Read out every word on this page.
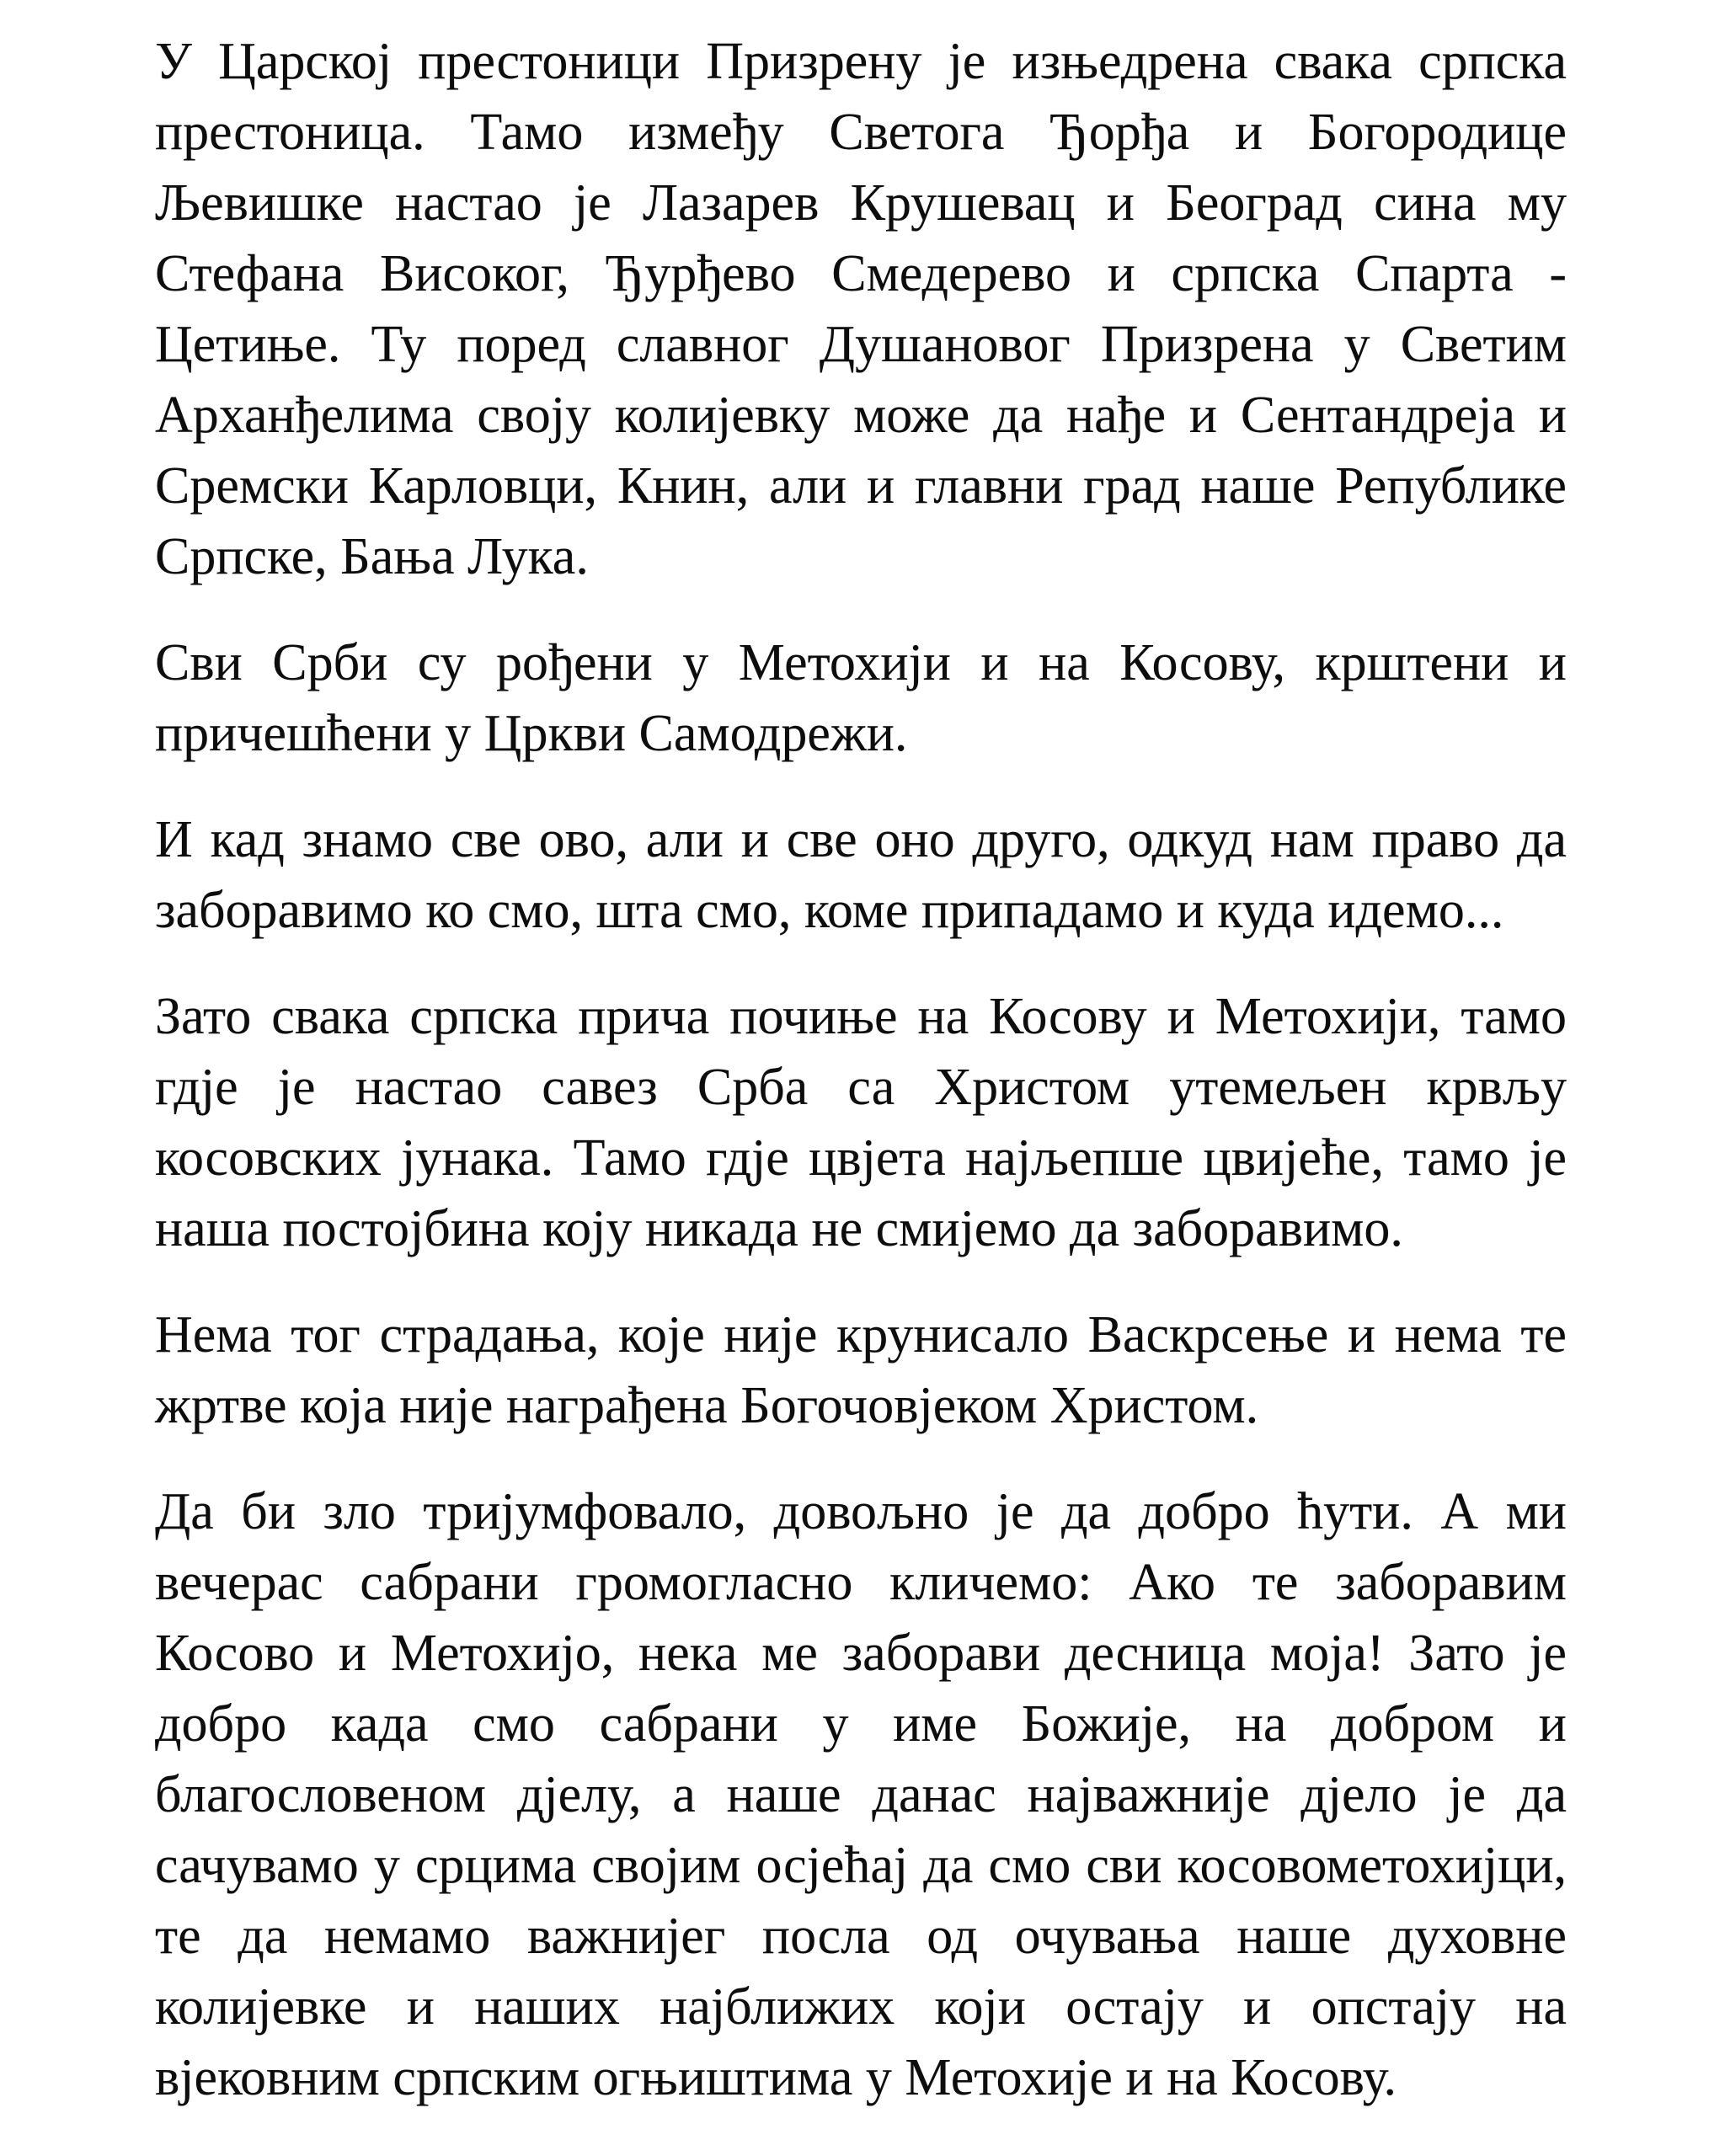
У Царској престоници Призрену је изњедрена свака српска
престоница. Тамо између Светога Ђорђа и Богородице
Љевишке настао је Лазарев Крушевац и Београд сина му
Стефана Високог, Ђурђево Смедерево и српска Спарта -
Цетиње. Ту поред славног Душановог Призрена у Светим
Арханђелима своју колијевку може да нађе и Сентандреја и
Сремски Карловци, Книн, али и главни град наше Републике
Српске, Бања Лука.
Сви Срби су рођени у Метохији и на Косову, крштени и
причешћени у Цркви Самодрежи.
И кад знамо све ово, али и све оно друго, одкуд нам право да
заборавимо ко смо, шта смо, коме припадамо и куда идемо...
Зато свака српска прича почиње на Косову и Метохији, тамо
гдје је настао савез Срба са Христом утемељен крвљу
косовских јунака. Тамо гдје цвјета најљепше цвијеће, тамо је
наша постојбина коју никада не смијемо да заборавимо.
Нема тог страдања, које није крунисало Васкрсење и нема те
жртве која није награђена Богочовјеком Христом.
Да би зло тријумфовало, довољно је да добро ћути. А ми
вечерас сабрани громогласно кличемо: Ако те заборавим
Косово и Метохијо, нека ме заборави десница моја! Зато је
добро када смо сабрани у име Божије, на добром и
благословеном дјелу, а наше данас најважније дјело је да
сачувамо у срцима својим осјећај да смо сви косовометохијци,
те да немамо важнијег посла од очувања наше духовне
колијевке и наших најближих који остају и опстају на
вјековним српским огњиштима у Метохије и на Косову.
